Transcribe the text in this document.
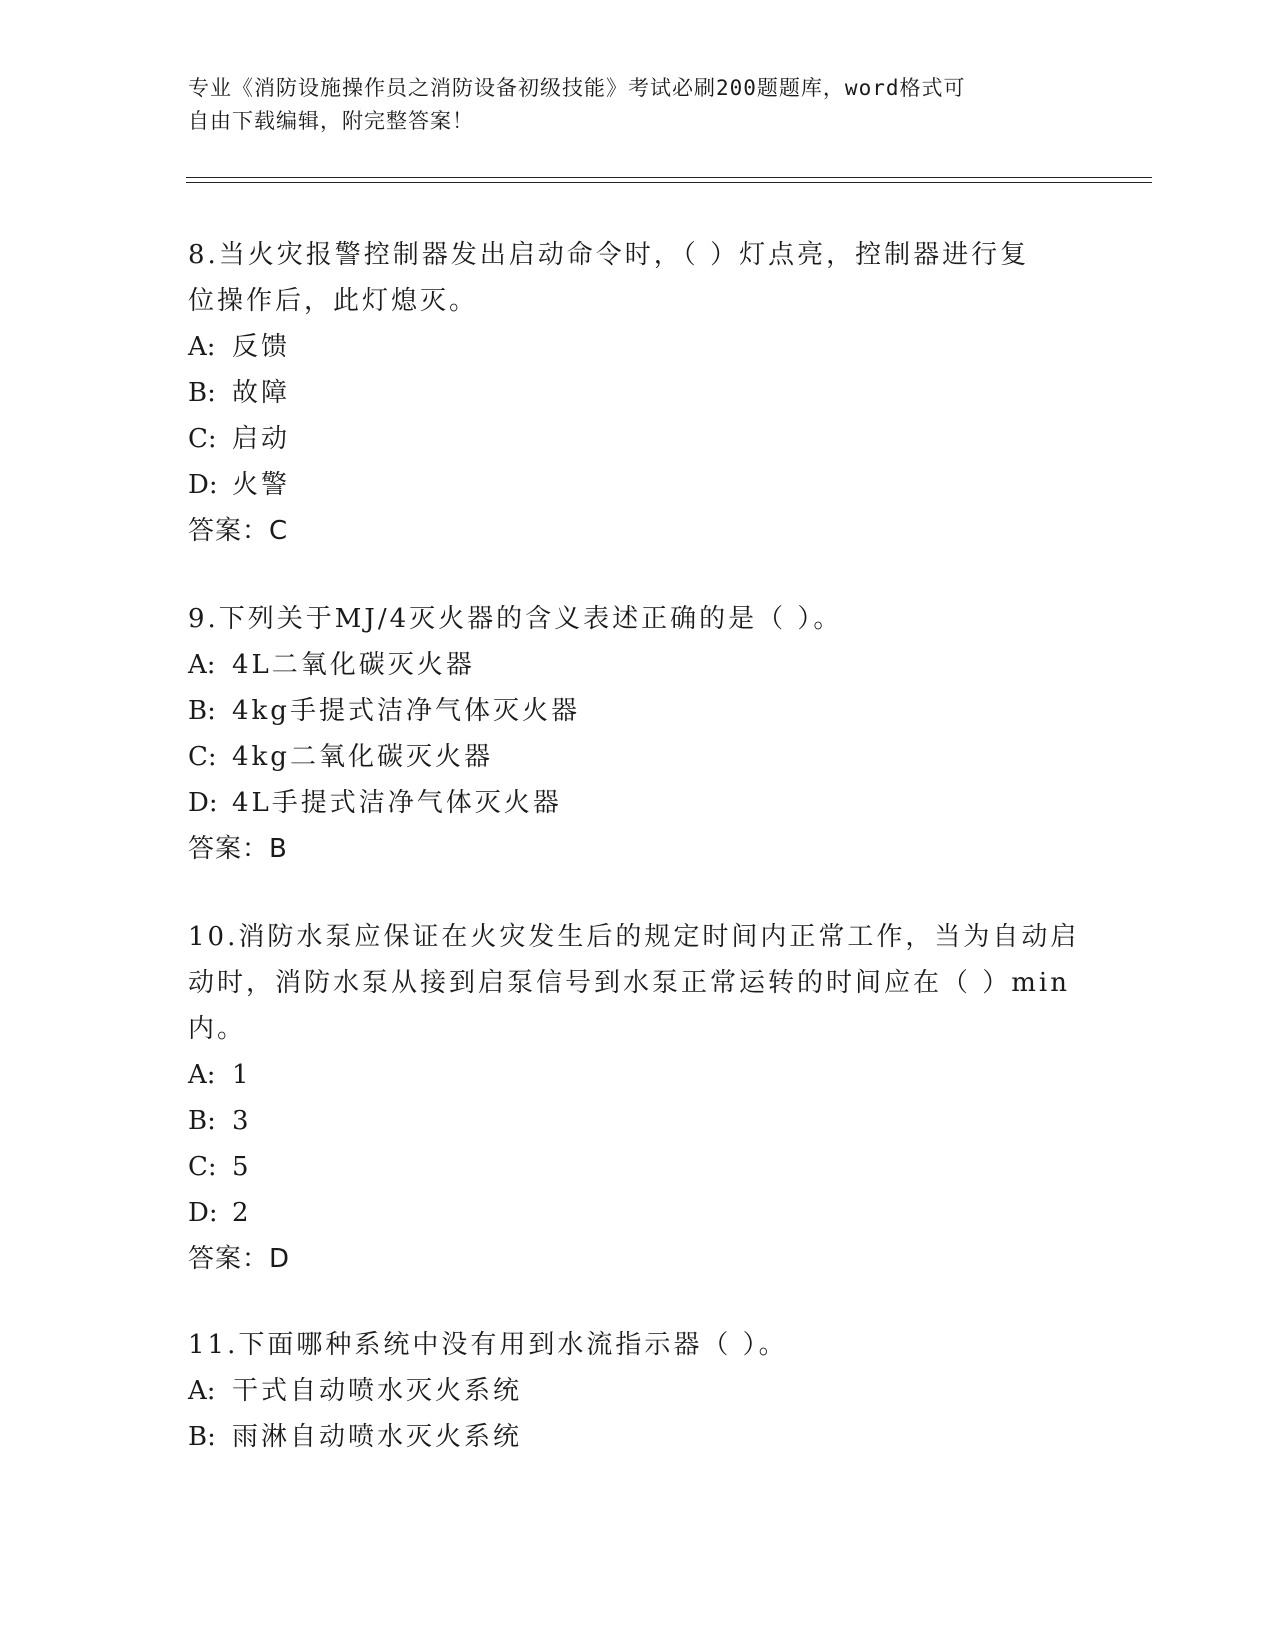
专业《消防设施操作员之消防设备初级技能》考试必刷200题题库，word格式可
自由下载编辑，附完整答案！
8.当火灾报警控制器发出启动命令时，（ ）灯点亮，控制器进行复
位操作后，此灯熄灭。
A: 反馈
B: 故障
C: 启动
D: 火警
答案：C
9.下列关于MJ/4灭火器的含义表述正确的是（ ）。
A: 4L二氧化碳灭火器
B: 4kg手提式洁净气体灭火器
C: 4kg二氧化碳灭火器
D: 4L手提式洁净气体灭火器
答案：B
10.消防水泵应保证在火灾发生后的规定时间内正常工作，当为自动启
动时，消防水泵从接到启泵信号到水泵正常运转的时间应在（ ）min
内。
A: 1
B: 3
C: 5
D: 2
答案：D
11.下面哪种系统中没有用到水流指示器（ ）。
A: 干式自动喷水灭火系统
B: 雨淋自动喷水灭火系统
